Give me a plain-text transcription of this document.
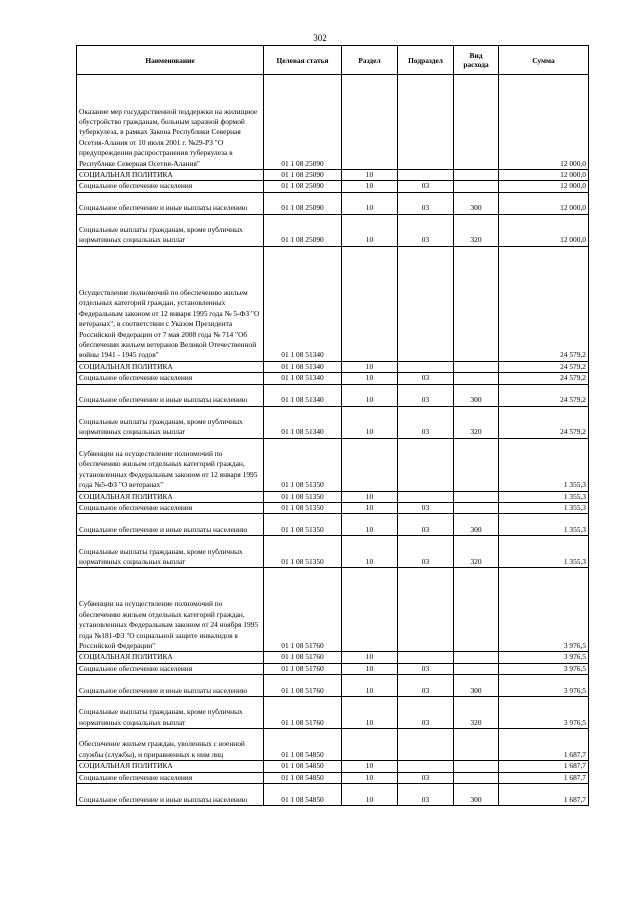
302
Наименование	Целевая статья	Раздел	Подраздел	Вид расхода	Сумма
Оказание мер государственной поддержки на жилищное обустройство гражданам, больным заразной формой туберкулеза, в рамках Закона Республики Северная Осетия-Алания от 10 июля 2001 г. №29-РЗ "О предупреждении распространения туберкулеза в Республике Северная Осетия-Алания"	01 1 08 25090				12 000,0
СОЦИАЛЬНАЯ ПОЛИТИКА	01 1 08 25090	10			12 000,0
Социальное обеспечение населения	01 1 08 25090	10	03		12 000,0
Социальное обеспечение и иные выплаты населению	01 1 08 25090	10	03	300	12 000,0
Социальные выплаты гражданам, кроме публичных нормативных социальных выплат	01 1 08 25090	10	03	320	12 000,0
Осуществление полномочий по обеспечению жильем отдельных категорий граждан, установленных Федеральным законом от 12 января 1995 года № 5-ФЗ "О ветеранах", в соответствии с Указом Президента Российской Федерации от 7 мая 2008 года № 714 "Об обеспечении жильем ветеранов Великой Отечественной войны 1941 - 1945 годов"	01 1 08 51340				24 579,2
СОЦИАЛЬНАЯ ПОЛИТИКА	01 1 08 51340	10			24 579,2
Социальное обеспечение населения	01 1 08 51340	10	03		24 579,2
Социальное обеспечение и иные выплаты населению	01 1 08 51340	10	03	300	24 579,2
Социальные выплаты гражданам, кроме публичных нормативных социальных выплат	01 1 08 51340	10	03	320	24 579,2
Субвенции на осуществление полномочий по обеспечению жильем отдельных категорий граждан, установленных Федеральным законом от 12 января 1995 года №5-ФЗ "О ветеранах"	01 1 08 51350				1 355,3
СОЦИАЛЬНАЯ ПОЛИТИКА	01 1 08 51350	10			1 355,3
Социальное обеспечение населения	01 1 08 51350	10	03		1 355,3
Социальное обеспечение и иные выплаты населению	01 1 08 51350	10	03	300	1 355,3
Социальные выплаты гражданам, кроме публичных нормативных социальных выплат	01 1 08 51350	10	03	320	1 355,3
Субвенции на осуществление полномочий по обеспечению жильем отдельных категорий граждан, установленных Федеральным законом от 24 ноября 1995 года №181-ФЗ "О социальной защите инвалидов в Российской Федерации"	01 1 08 51760				3 976,5
СОЦИАЛЬНАЯ ПОЛИТИКА	01 1 08 51760	10			3 976,5
Социальное обеспечение населения	01 1 08 51760	10	03		3 976,5
Социальное обеспечение и иные выплаты населению	01 1 08 51760	10	03	300	3 976,5
Социальные выплаты гражданам, кроме публичных нормативных социальных выплат	01 1 08 51760	10	03	320	3 976,5
Обеспечение жильем граждан, уволенных с военной службы (службы), и приравненных к ним лиц	01 1 08 54850				1 687,7
СОЦИАЛЬНАЯ ПОЛИТИКА	01 1 08 54850	10			1 687,7
Социальное обеспечение населения	01 1 08 54850	10	03		1 687,7
Социальное обеспечение и иные выплаты населению	01 1 08 54850	10	03	300	1 687,7
